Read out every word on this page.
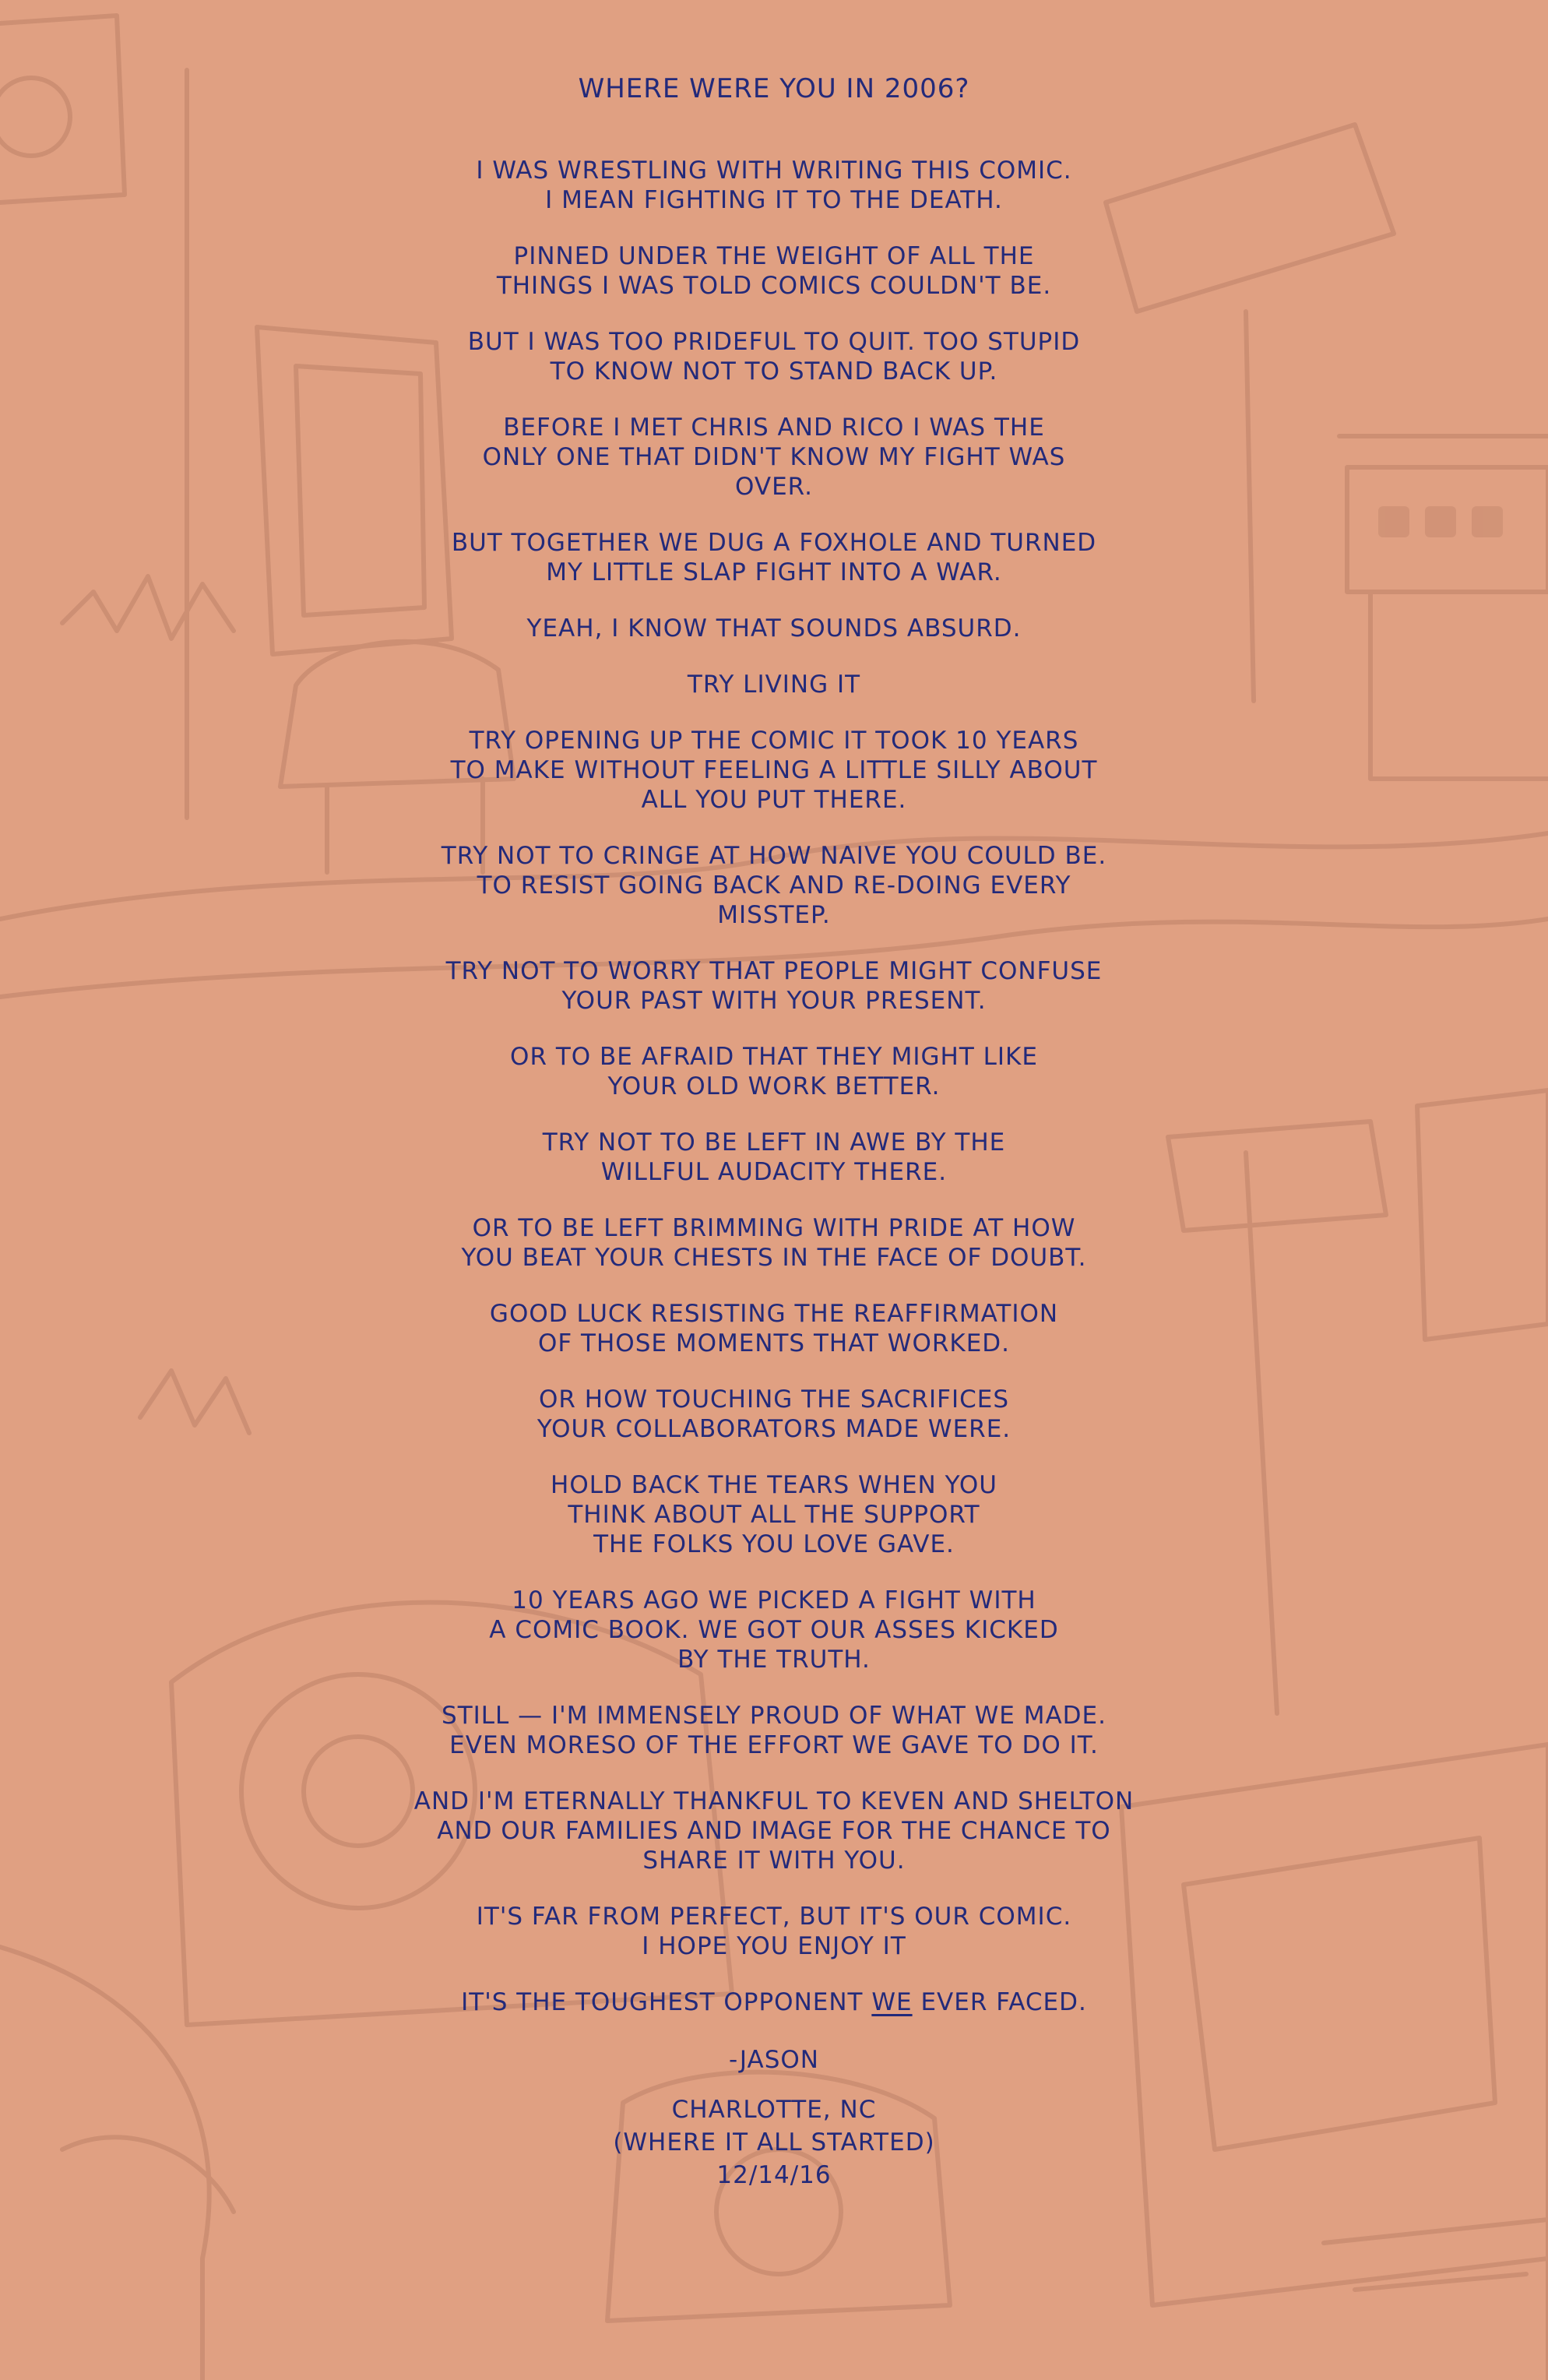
WHERE WERE YOU IN 2006?
I WAS WRESTLING WITH WRITING THIS COMIC.
I MEAN FIGHTING IT TO THE DEATH.
PINNED UNDER THE WEIGHT OF ALL THE
THINGS I WAS TOLD COMICS COULDN'T BE.
BUT I WAS TOO PRIDEFUL TO QUIT. TOO STUPID
TO KNOW NOT TO STAND BACK UP.
BEFORE I MET CHRIS AND RICO I WAS THE
ONLY ONE THAT DIDN'T KNOW MY FIGHT WAS
OVER.
BUT TOGETHER WE DUG A FOXHOLE AND TURNED
MY LITTLE SLAP FIGHT INTO A WAR.
YEAH, I KNOW THAT SOUNDS ABSURD.
TRY LIVING IT
TRY OPENING UP THE COMIC IT TOOK 10 YEARS
TO MAKE WITHOUT FEELING A LITTLE SILLY ABOUT
ALL YOU PUT THERE.
TRY NOT TO CRINGE AT HOW NAIVE YOU COULD BE.
TO RESIST GOING BACK AND RE-DOING EVERY
MISSTEP.
TRY NOT TO WORRY THAT PEOPLE MIGHT CONFUSE
YOUR PAST WITH YOUR PRESENT.
OR TO BE AFRAID THAT THEY MIGHT LIKE
YOUR OLD WORK BETTER.
TRY NOT TO BE LEFT IN AWE BY THE
WILLFUL AUDACITY THERE.
OR TO BE LEFT BRIMMING WITH PRIDE AT HOW
YOU BEAT YOUR CHESTS IN THE FACE OF DOUBT.
GOOD LUCK RESISTING THE REAFFIRMATION
OF THOSE MOMENTS THAT WORKED.
OR HOW TOUCHING THE SACRIFICES
YOUR COLLABORATORS MADE WERE.
HOLD BACK THE TEARS WHEN YOU
THINK ABOUT ALL THE SUPPORT
THE FOLKS YOU LOVE GAVE.
10 YEARS AGO WE PICKED A FIGHT WITH
A COMIC BOOK. WE GOT OUR ASSES KICKED
BY THE TRUTH.
STILL — I'M IMMENSELY PROUD OF WHAT WE MADE.
EVEN MORESO OF THE EFFORT WE GAVE TO DO IT.
AND I'M ETERNALLY THANKFUL TO KEVEN AND SHELTON
AND OUR FAMILIES AND IMAGE FOR THE CHANCE TO
SHARE IT WITH YOU.
IT'S FAR FROM PERFECT, BUT IT'S OUR COMIC.
I HOPE YOU ENJOY IT
IT'S THE TOUGHEST OPPONENT WE EVER FACED.
-JASON
CHARLOTTE, NC
(WHERE IT ALL STARTED)
12/14/16
